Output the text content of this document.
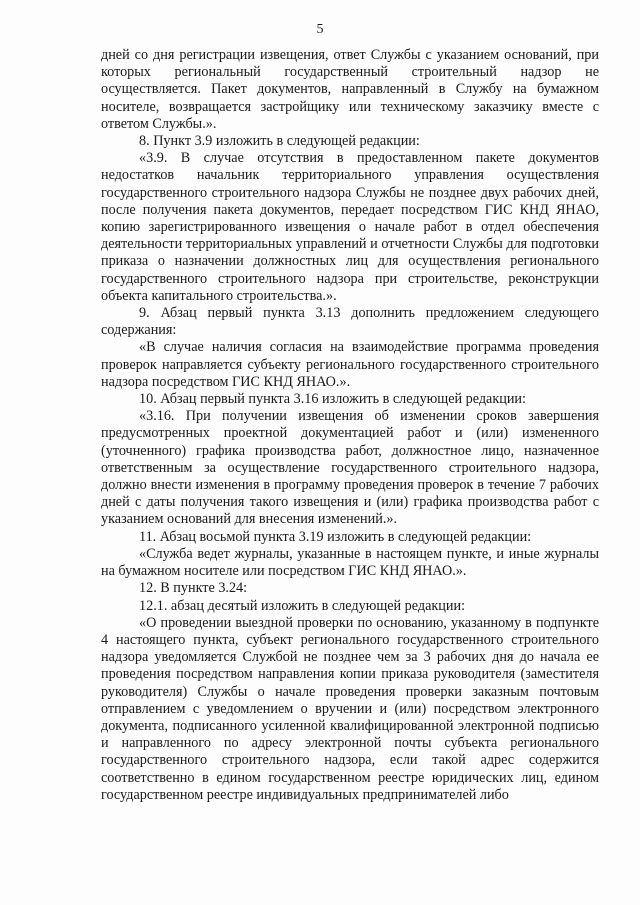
5

дней со дня регистрации извещения, ответ Службы с указанием оснований, при которых региональный государственный строительный надзор не осуществляется. Пакет документов, направленный в Службу на бумажном носителе, возвращается застройщику или техническому заказчику вместе с ответом Службы.».

8. Пункт 3.9 изложить в следующей редакции:

«3.9. В случае отсутствия в предоставленном пакете документов недостатков начальник территориального управления осуществления государственного строительного надзора Службы не позднее двух рабочих дней, после получения пакета документов, передает посредством ГИС КНД ЯНАО, копию зарегистрированного извещения о начале работ в отдел обеспечения деятельности территориальных управлений и отчетности Службы для подготовки приказа о назначении должностных лиц для осуществления регионального государственного строительного надзора при строительстве, реконструкции объекта капитального строительства.».

9. Абзац первый пункта 3.13 дополнить предложением следующего содержания:

«В случае наличия согласия на взаимодействие программа проведения проверок направляется субъекту регионального государственного строительного надзора посредством ГИС КНД ЯНАО.».

10. Абзац первый пункта 3.16 изложить в следующей редакции:

«3.16. При получении извещения об изменении сроков завершения предусмотренных проектной документацией работ и (или) измененного (уточненного) графика производства работ, должностное лицо, назначенное ответственным за осуществление государственного строительного надзора, должно внести изменения в программу проведения проверок в течение 7 рабочих дней с даты получения такого извещения и (или) графика производства работ с указанием оснований для внесения изменений.».

11. Абзац восьмой пункта 3.19 изложить в следующей редакции:

«Служба ведет журналы, указанные в настоящем пункте, и иные журналы на бумажном носителе или посредством ГИС КНД ЯНАО.».

12. В пункте 3.24:

12.1. абзац десятый изложить в следующей редакции:

«О проведении выездной проверки по основанию, указанному в подпункте 4 настоящего пункта, субъект регионального государственного строительного надзора уведомляется Службой не позднее чем за 3 рабочих дня до начала ее проведения посредством направления копии приказа руководителя (заместителя руководителя) Службы о начале проведения проверки заказным почтовым отправлением с уведомлением о вручении и (или) посредством электронного документа, подписанного усиленной квалифицированной электронной подписью и направленного по адресу электронной почты субъекта регионального государственного строительного надзора, если такой адрес содержится соответственно в едином государственном реестре юридических лиц, едином государственном реестре индивидуальных предпринимателей либо
